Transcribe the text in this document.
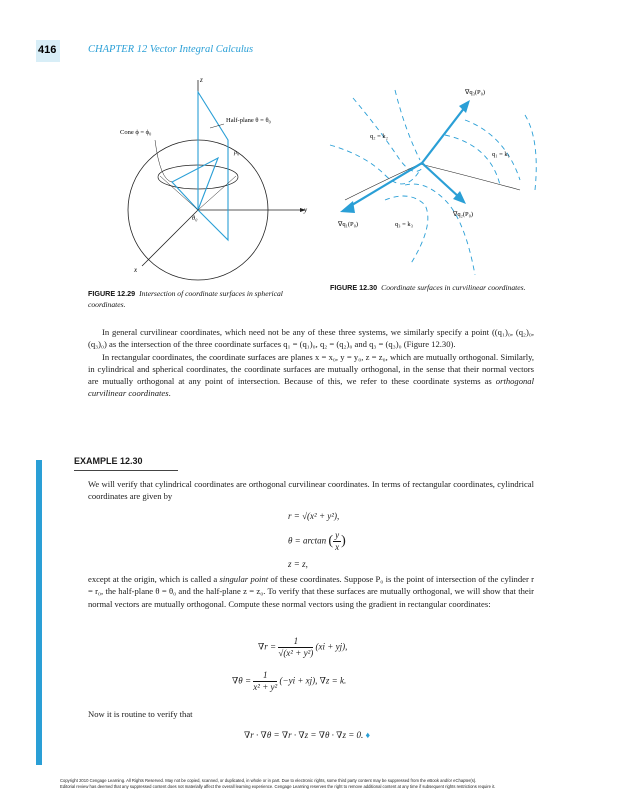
416	CHAPTER 12 Vector Integral Calculus
z
y
x
Half-plane θ = θ₀
Cone ϕ = ϕ₀
ρ₀
θ₀
FIGURE 12.29 Intersection of coordinate surfaces in spherical coordinates.
∇q₃(P₀)
q₂ = k₂
q₁ = k₁
∇q₂(P₀)
∇q₁(P₀)	q₃ = k₃
FIGURE 12.30 Coordinate surfaces in curvilinear coordinates.

In general curvilinear coordinates, which need not be any of these three systems, we similarly specify a point ((q₁)₀, (q₂)₀, (q₃)₀) as the intersection of the three coordinate surfaces q₁ = (q₁)₀, q₂ = (q₂)₀ and q₃ = (q₃)₀ (Figure 12.30).

In rectangular coordinates, the coordinate surfaces are planes x = x₀, y = y₀, z = z₀, which are mutually orthogonal. Similarly, in cylindrical and spherical coordinates, the coordinate surfaces are mutually orthogonal, in the sense that their normal vectors are mutually orthogonal at any point of intersection. Because of this, we refer to these coordinate systems as orthogonal curvilinear coordinates.

EXAMPLE 12.30

We will verify that cylindrical coordinates are orthogonal curvilinear coordinates. In terms of rectangular coordinates, cylindrical coordinates are given by

r = √(x² + y²),
θ = arctan ( $\frac{y}{x}$ )
z = z,

except at the origin, which is called a singular point of these coordinates. Suppose P₀ is the point of intersection of the cylinder r = r₀, the half-plane θ = θ₀ and the half-plane z = z₀. To verify that these surfaces are mutually orthogonal, we will show that their normal vectors are mutually orthogonal. Compute these normal vectors using the gradient in rectangular coordinates:

$\nabla r = \frac{1}{\text{√(x² + y²)}} (xi + yj)$,
$\nabla\theta = \frac{1}{\text{x² + y²}} (-yi + xj)$, ∇z = k.

Now it is routine to verify that

∇r · ∇θ = ∇r · ∇z = ∇θ · ∇z = 0. ♦
Copyright 2010 Cengage Learning. All Rights Reserved. May not be copied, scanned, or duplicated, in whole or in part. Due to electronic rights, some third party content may be suppressed from the eBook and/or eChapter(s).
Editorial review has deemed that any suppressed content does not materially affect the overall learning experience. Cengage Learning reserves the right to remove additional content at any time if subsequent rights restrictions require it.
